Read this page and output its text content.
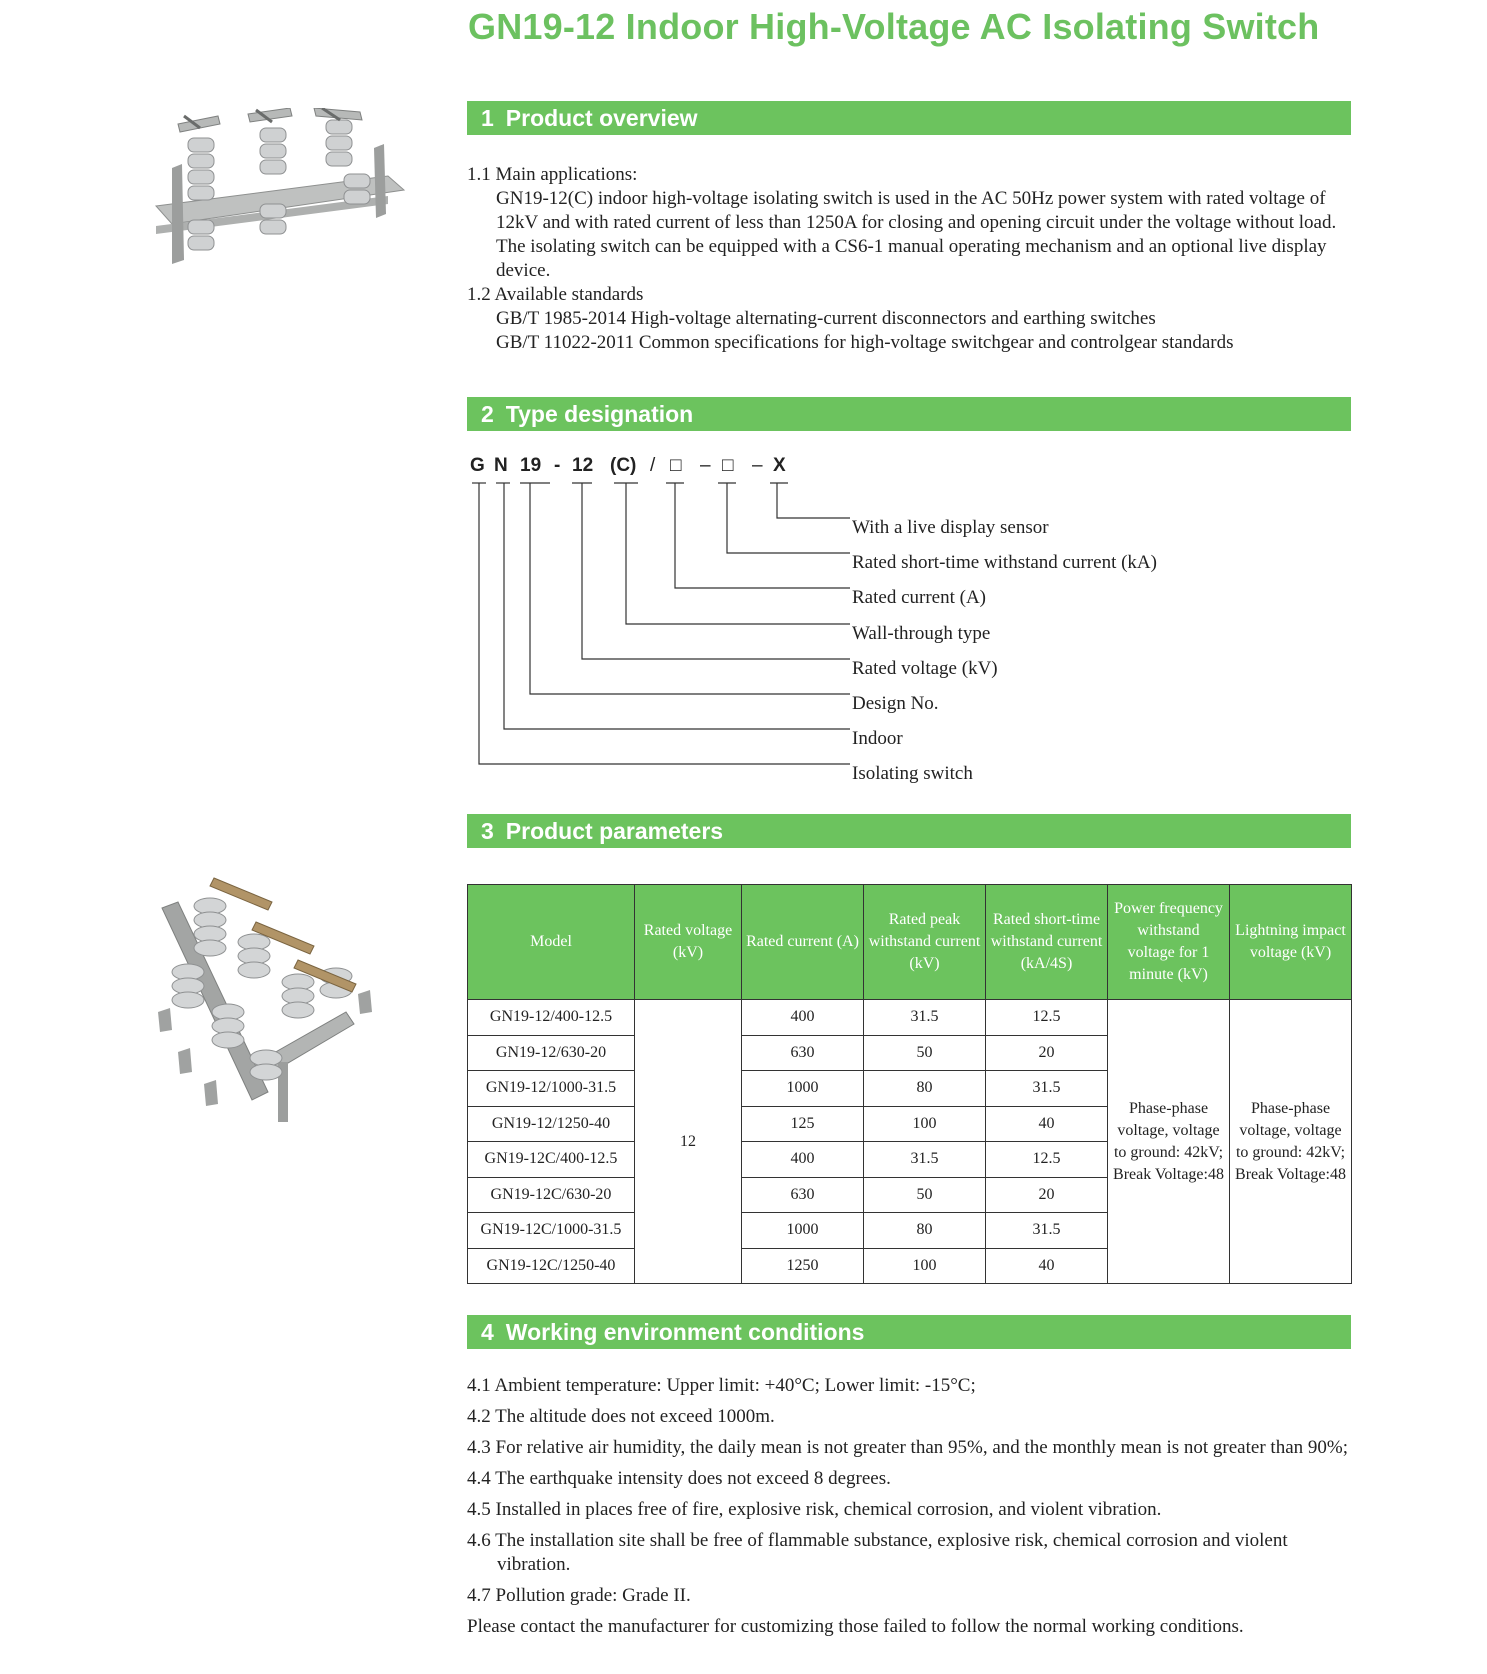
GN19-12 Indoor High-Voltage AC Isolating Switch
1 Product overview
1.1 Main applications:
GN19-12(C) indoor high-voltage isolating switch is used in the AC 50Hz power system with rated voltage of 12kV and with rated current of less than 1250A for closing and opening circuit under the voltage without load. The isolating switch can be equipped with a CS6-1 manual operating mechanism and an optional live display device.
1.2 Available standards
GB/T 1985-2014 High-voltage alternating-current disconnectors and earthing switches
GB/T 11022-2011 Common specifications for high-voltage switchgear and controlgear standards
2 Type designation
G N 19 - 12 (C) / □ – □ – X
With a live display sensor
Rated short-time withstand current (kA)
Rated current (A)
Wall-through type
Rated voltage (kV)
Design No.
Indoor
Isolating switch
3 Product parameters
Model	Rated voltage (kV)	Rated current (A)	Rated peak withstand current (kV)	Rated short-time withstand current (kA/4S)	Power frequency withstand voltage for 1 minute (kV)	Lightning impact voltage (kV)
GN19-12/400-12.5	12	400	31.5	12.5	Phase-phase voltage, voltage to ground: 42kV; Break Voltage:48	Phase-phase voltage, voltage to ground: 42kV; Break Voltage:48
GN19-12/630-20		630	50	20		
GN19-12/1000-31.5		1000	80	31.5		
GN19-12/1250-40		125	100	40		
GN19-12C/400-12.5		400	31.5	12.5		
GN19-12C/630-20		630	50	20		
GN19-12C/1000-31.5		1000	80	31.5		
GN19-12C/1250-40		1250	100	40		
4 Working environment conditions
4.1 Ambient temperature: Upper limit: +40°C; Lower limit: -15°C;
4.2 The altitude does not exceed 1000m.
4.3 For relative air humidity, the daily mean is not greater than 95%, and the monthly mean is not greater than 90%;
4.4 The earthquake intensity does not exceed 8 degrees.
4.5 Installed in places free of fire, explosive risk, chemical corrosion, and violent vibration.
4.6 The installation site shall be free of flammable substance, explosive risk, chemical corrosion and violent vibration.
4.7 Pollution grade: Grade II.
Please contact the manufacturer for customizing those failed to follow the normal working conditions.
